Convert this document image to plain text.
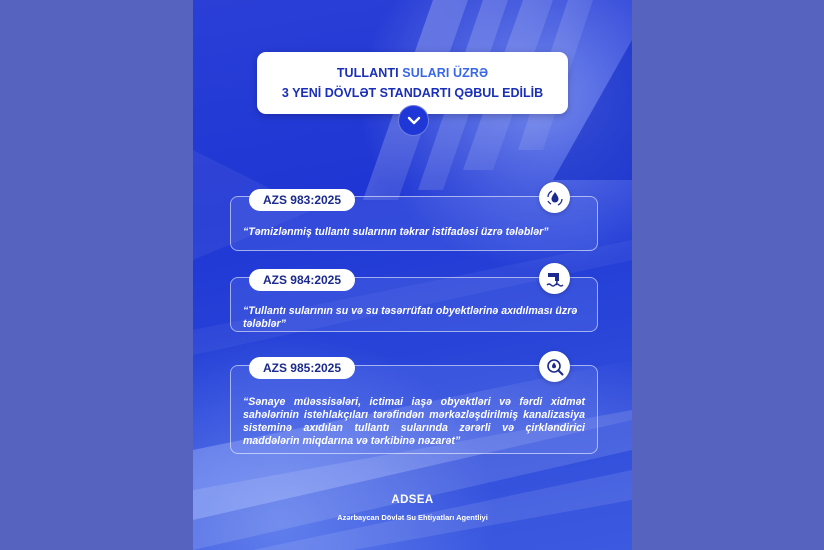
TULLANTI SULARI ÜZRƏ
3 YENİ DÖVLƏT STANDARTI QƏBUL EDİLİB
“Təmizlənmiş tullantı sularının təkrar istifadəsi üzrə tələblər”
AZS 983:2025
“Tullantı sularının su və su təsərrüfatı obyektlərinə axıdılması üzrə tələblər”
AZS 984:2025
“Sənaye müəssisələri, ictimai iaşə obyektləri və fərdi xidmət sahələrinin istehlakçıları tərəfindən mərkəzləşdirilmiş kanalizasiya sisteminə axıdılan tullantı sularında zərərli və çirkləndirici maddələrin miqdarına və tərkibinə nəzarət”
AZS 985:2025
ADSEA
Azərbaycan Dövlət Su Ehtiyatları Agentliyi
